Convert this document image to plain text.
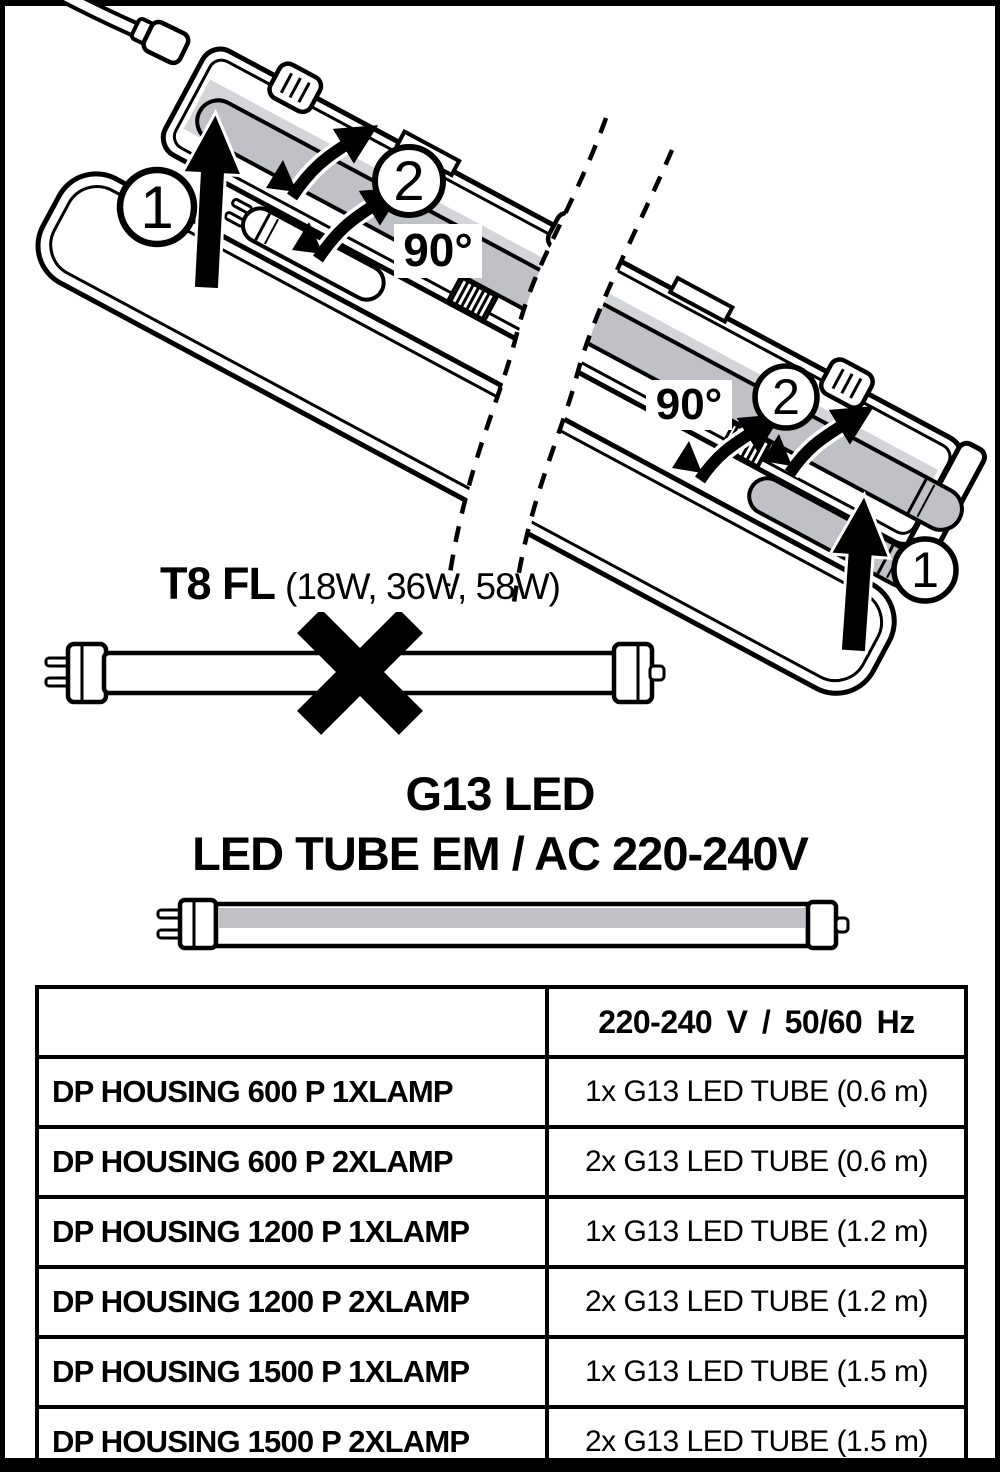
90°
90°
1	2
2
1
T8 FL (18W, 36W, 58W)
G13 LED
LED TUBE EM / AC 220-240V
	220-240 V / 50/60 Hz
DP HOUSING 600 P 1XLAMP	1x G13 LED TUBE (0.6 m)
DP HOUSING 600 P 2XLAMP	2x G13 LED TUBE (0.6 m)
DP HOUSING 1200 P 1XLAMP	1x G13 LED TUBE (1.2 m)
DP HOUSING 1200 P 2XLAMP	2x G13 LED TUBE (1.2 m)
DP HOUSING 1500 P 1XLAMP	1x G13 LED TUBE (1.5 m)
DP HOUSING 1500 P 2XLAMP	2x G13 LED TUBE (1.5 m)
